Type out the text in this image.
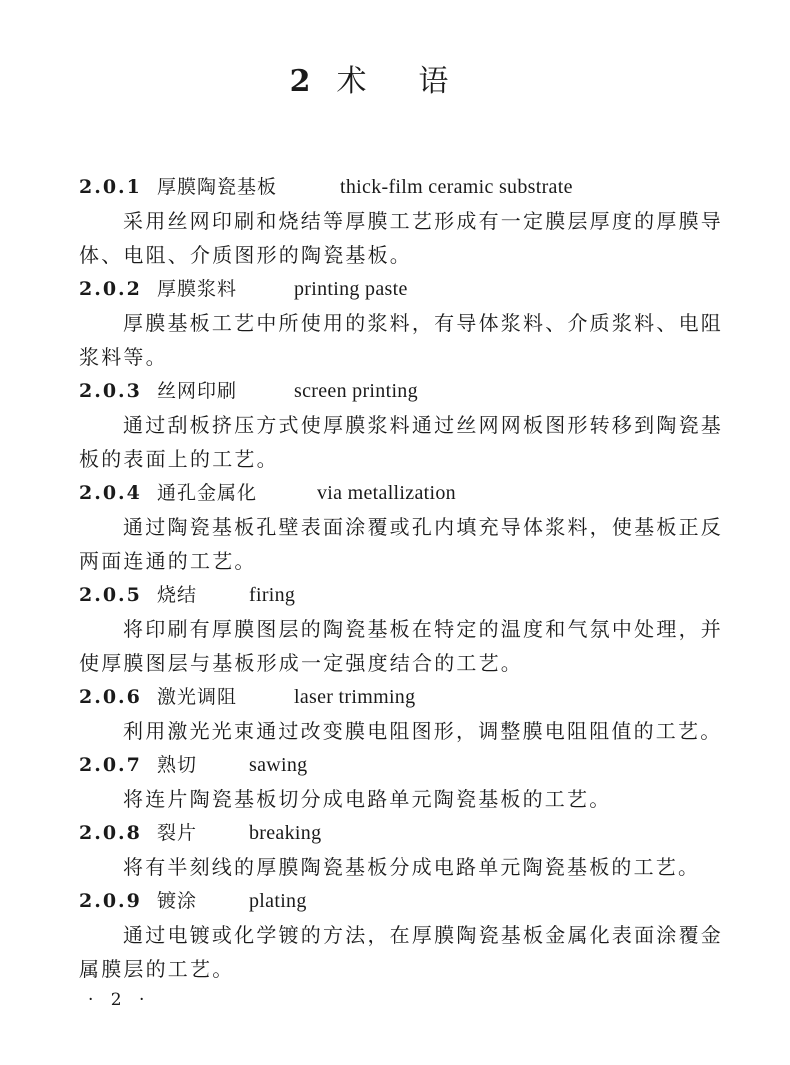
2 术语
2.0.1 厚膜陶瓷基板	thick-film ceramic substrate

采用丝网印刷和烧结等厚膜工艺形成有一定膜层厚度的厚膜导体、电阻、介质图形的陶瓷基板。

2.0.2 厚膜浆料	printing paste

厚膜基板工艺中所使用的浆料，有导体浆料、介质浆料、电阻浆料等。

2.0.3 丝网印刷	screen printing

通过刮板挤压方式使厚膜浆料通过丝网网板图形转移到陶瓷基板的表面上的工艺。

2.0.4 通孔金属化	via metallization

通过陶瓷基板孔壁表面涂覆或孔内填充导体浆料，使基板正反两面连通的工艺。

2.0.5 烧结	firing

将印刷有厚膜图层的陶瓷基板在特定的温度和气氛中处理，并使厚膜图层与基板形成一定强度结合的工艺。

2.0.6 激光调阻	laser trimming

利用激光光束通过改变膜电阻图形，调整膜电阻阻值的工艺。

2.0.7 熟切	sawing

将连片陶瓷基板切分成电路单元陶瓷基板的工艺。

2.0.8 裂片	breaking

将有半刻线的厚膜陶瓷基板分成电路单元陶瓷基板的工艺。

2.0.9 镀涂	plating

通过电镀或化学镀的方法，在厚膜陶瓷基板金属化表面涂覆金属膜层的工艺。

· 2 ·
